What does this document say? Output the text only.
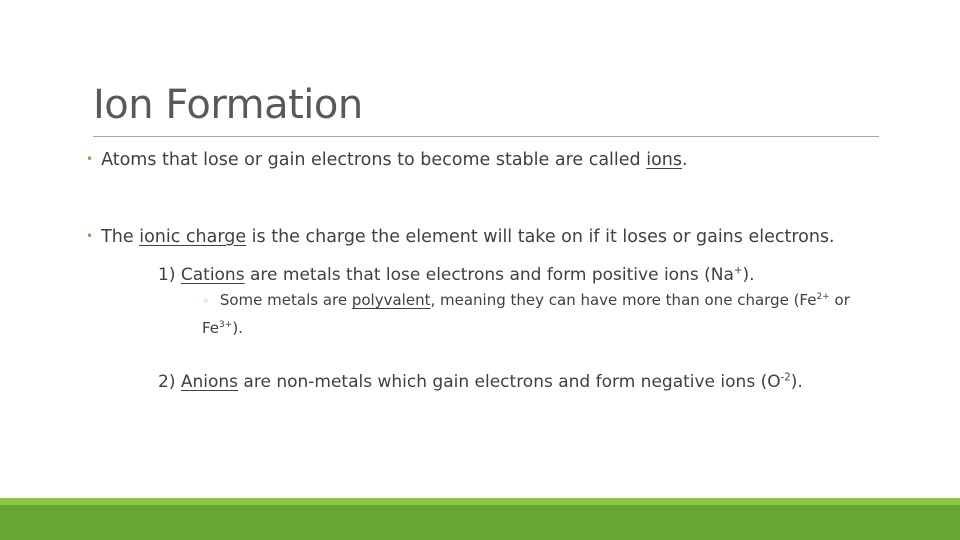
Ion Formation
• Atoms that lose or gain electrons to become stable are called ions.
• The ionic charge is the charge the element will take on if it loses or gains electrons.
1) Cations are metals that lose electrons and form positive ions (Na+).
◦ Some metals are polyvalent, meaning they can have more than one charge ($Fe^{2+}$ or $Fe^{3+}$).
2) Anions are non-metals which gain electrons and form negative ions $(O^{-2})$.
